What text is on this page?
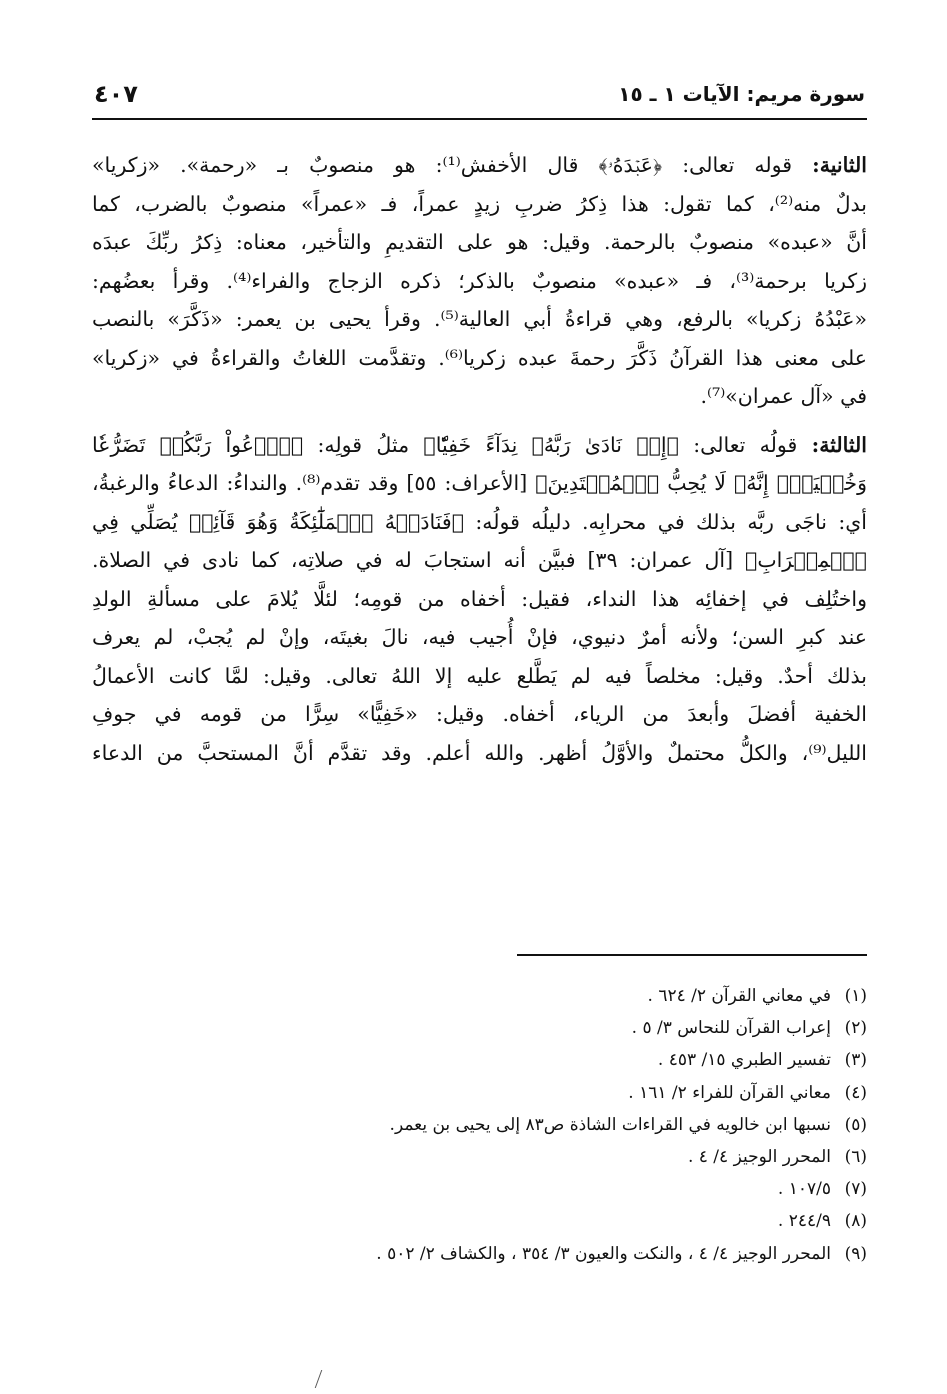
سورة مريم: الآيات ١ ـ ١٥
٤٠٧
الثانية: قوله تعالى: ﴿عَبۡدَهُۥ﴾ قال الأخفش⁽¹⁾: هو منصوبٌ بـ «رحمة». «زكريا»
بدلٌ منه⁽²⁾، كما تقول: هذا ذِكرُ ضربِ زيدٍ عمراً، فـ «عمراً» منصوبٌ بالضرب، كما
أنَّ «عبده» منصوبٌ بالرحمة. وقيل: هو على التقديمِ والتأخير، معناه: ذِكرُ ربِّكَ عبدَه
زكريا برحمة⁽³⁾، فـ «عبده» منصوبٌ بالذكر؛ ذكره الزجاج والفراء⁽⁴⁾. وقرأ بعضُهم:
«عَبْدُهُ زكريا» بالرفع، وهي قراءةُ أبي العالية⁽⁵⁾. وقرأ يحيى بن يعمر: «ذَكَّرَ» بالنصب
على معنى هذا القرآنُ ذَكَّرَ رحمةَ عبده زكريا⁽⁶⁾. وتقدَّمت اللغاتُ والقراءةُ في «زكريا»
في «آل عمران»⁽⁷⁾.
الثالثة: قولُه تعالى: ﴿إِذۡ نَادَىٰ رَبَّهُۥ نِدَآءً خَفِيّٗا﴾ مثلُ قولِه: ﴿ٱدۡعُواْ رَبَّكُمۡ تَضَرُّعٗا
وَخُفۡيَةًۚ إِنَّهُۥ لَا يُحِبُّ ٱلۡمُعۡتَدِينَ﴾ [الأعراف: ٥٥] وقد تقدم⁽⁸⁾. والنداءُ: الدعاءُ والرغبةُ،
أي: ناجَى ربَّه بذلك في محرابِه. دليلُه قولُه: ﴿فَنَادَتۡهُ ٱلۡمَلَٰٓئِكَةُ وَهُوَ قَآئِمٞ يُصَلِّي فِي
ٱلۡمِحۡرَابِ﴾ [آل عمران: ٣٩] فبيَّن أنه استجابَ له في صلاتِه، كما نادى في الصلاة.
واختُلِف في إخفائِه هذا النداء، فقيل: أخفاه من قومِه؛ لئلَّا يُلامَ على مسألةِ الولدِ
عند كبرِ السن؛ ولأنه أمرٌ دنيوي، فإنْ أُجيب فيه، نالَ بغيتَه، وإنْ لم يُجبْ، لم يعرف
بذلك أحدٌ. وقيل: مخلصاً فيه لم يَطَّلع عليه إلا اللهُ تعالى. وقيل: لمَّا كانت الأعمالُ
الخفية أفضلَ وأبعدَ من الرياء، أخفاه. وقيل: «خَفِيًّا» سِرًّا من قومه في جوفِ
الليل⁽⁹⁾، والكلُّ محتملٌ والأوَّلُ أظهر. والله أعلم. وقد تقدَّم أنَّ المستحبَّ من الدعاء
(١)في معاني القرآن ٢/ ٦٢٤ .
(٢)إعراب القرآن للنحاس ٣/ ٥ .
(٣)تفسير الطبري ١٥/ ٤٥٣ .
(٤)معاني القرآن للفراء ٢/ ١٦١ .
(٥)نسبها ابن خالويه في القراءات الشاذة ص٨٣ إلى يحيى بن يعمر.
(٦)المحرر الوجيز ٤/ ٤ .
(٧)١٠٧/٥ .
(٨)٢٤٤/٩ .
(٩)المحرر الوجيز ٤/ ٤ ، والنكت والعيون ٣/ ٣٥٤ ، والكشاف ٢/ ٥٠٢ .
